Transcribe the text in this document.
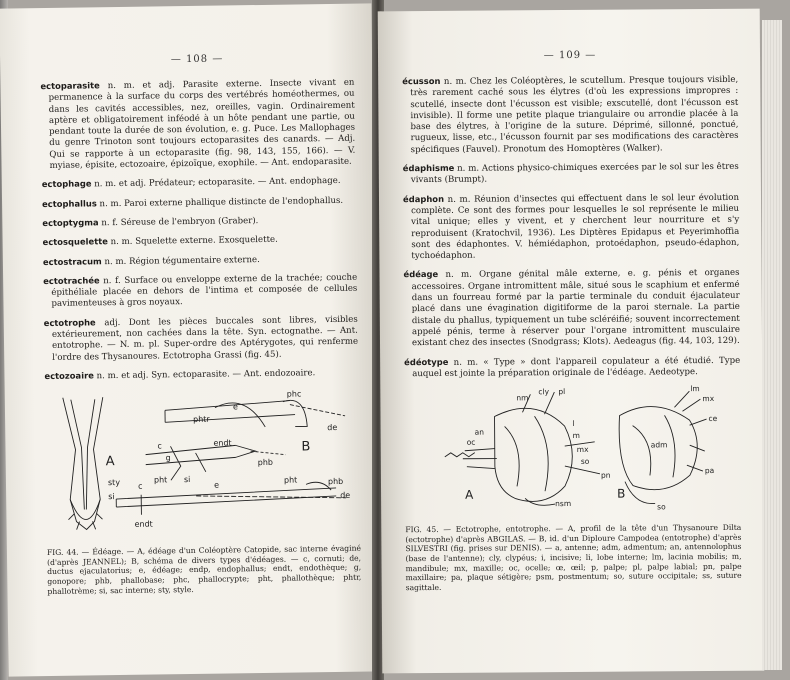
— 108 —

ectoparasite n. m. et adj. Parasite externe. Insecte vivant en permanence à la surface du corps des vertébrés homéothermes, ou dans les cavités accessibles, nez, oreilles, vagin. Ordinairement aptère et obligatoirement inféodé à un hôte pendant une partie, ou pendant toute la durée de son évolution, e. g. Puce. Les Mallophages du genre Trinoton sont toujours ectoparasites des canards. — Adj. Qui se rapporte à un ectoparasite (fig. 98, 143, 155, 166). — V. myiase, épisite, ectozoaire, épizoïque, exophile. — Ant. endoparasite.

ectophage n. m. et adj. Prédateur; ectoparasite. — Ant. endophage.

ectophallus n. m. Paroi externe phallique distincte de l'endophallus.

ectoptygma n. f. Séreuse de l'embryon (Graber).

ectosquelette n. m. Squelette externe. Exosquelette.

ectostracum n. m. Région tégumentaire externe.

ectotrachée n. f. Surface ou enveloppe externe de la trachée; couche épithéliale placée en dehors de l'intima et composée de cellules pavimenteuses à gros noyaux.

ectotrophe adj. Dont les pièces buccales sont libres, visibles extérieurement, non cachées dans la tête. Syn. ectognathe. — Ant. entotrophe. — N. m. pl. Super-ordre des Aptérygotes, qui renferme l'ordre des Thysanoures. Ectotropha Grassi (fig. 45).

ectozoaire n. m. et adj. Syn. ectoparasite. — Ant. endozoaire.

e
phc
phtr
de
c
g
endt
phb
pht si
B
A
sty
si
c	e
pht	phb
de
endt
FIG. 44. — Édéage. — A, édéage d'un Coléoptère Catopide, sac interne évaginé (d'après JEANNEL); B, schéma de divers types d'édéages. — c, cornuti; de, ductus ejaculatorius; e, édéage; endp, endophallus; endt, endothèque; g, gonopore; phb, phallobase; phc, phallocrypte; pht, phallothèque; phtr, phallotrème; si, sac interne; sty, style.
— 109 —

écusson n. m. Chez les Coléoptères, le scutellum. Presque toujours visible, très rarement caché sous les élytres (d'où les expressions impropres : scutellé, insecte dont l'écusson est visible; exscutellé, dont l'écusson est invisible). Il forme une petite plaque triangulaire ou arrondie placée à la base des élytres, à l'origine de la suture. Déprimé, sillonné, ponctué, rugueux, lisse, etc., l'écusson fournit par ses modifications des caractères spécifiques (Fauvel). Pronotum des Homoptères (Walker).

édaphisme n. m. Actions physico-chimiques exercées par le sol sur les êtres vivants (Brumpt).

édaphon n. m. Réunion d'insectes qui effectuent dans le sol leur évolution complète. Ce sont des formes pour lesquelles le sol représente le milieu vital unique; elles y vivent, et y cherchent leur nourriture et s'y reproduisent (Kratochvil, 1936). Les Diptères Epidapus et Peyerimhoffia sont des édaphontes. V. hémiédaphon, protoédaphon, pseudo-édaphon, tychoédaphon.

édéage n. m. Organe génital mâle externe, e. g. pénis et organes accessoires. Organe intromittent mâle, situé sous le scaphium et enfermé dans un fourreau formé par la partie terminale du conduit éjaculateur placé dans une évagination digitiforme de la paroi sternale. La partie distale du phallus, typiquement un tube scléréifié; souvent incorrectement appelé pénis, terme à réserver pour l'organe intromittent musculaire existant chez des insectes (Snodgrass; Klots). Aedeagus (fig. 44, 103, 129).

édéotype n. m. « Type » dont l'appareil copulateur a été étudié. Type auquel est jointe la préparation originale de l'édéage. Aedeotype.

nm
cly pl
an
oc
l
m
mx
so
nsm
pn
A
lm
mx
ce
adm
pa
B
so
FIG. 45. — Ectotrophe, entotrophe. — A, profil de la tête d'un Thysanoure Dilta (ectotrophe) d'après ABGILAS. — B, id. d'un Diploure Campodea (entotrophe) d'après SILVESTRI (fig. prises sur DENIS). — a, antenne; adm, admentum; an, antennolophus (base de l'antenne); cly, clypéus; i, incisive; li, lobe interne; lm, lacinia mobilis; m, mandibule; mx, maxille; oc, ocelle; œ, œil; p, palpe; pl, palpe labial; pn, palpe maxillaire; pa, plaque sétigère; psm, postmentum; so, suture occipitale; ss, suture sagittale.
